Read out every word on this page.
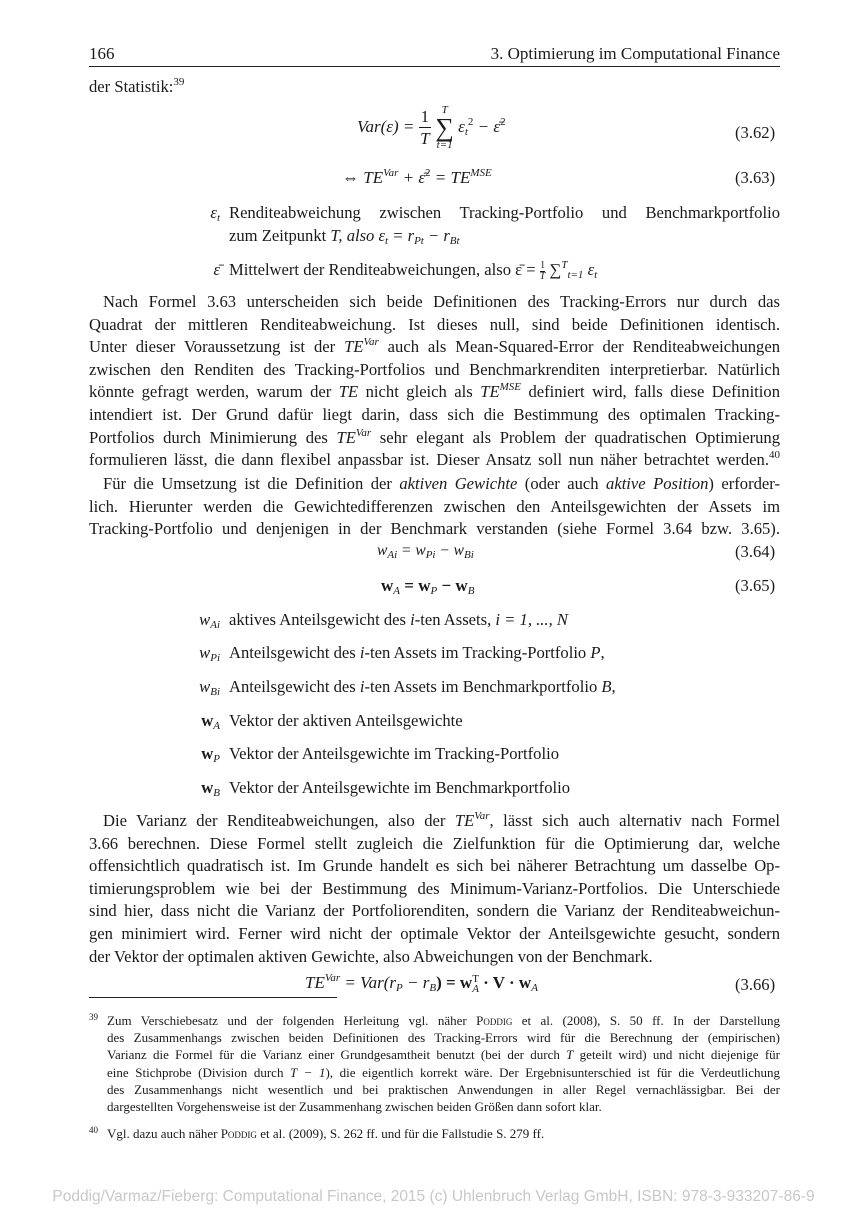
166	3. Optimierung im Computational Finance
der Statistik:$^{39}$
$Var(\varepsilon) = \frac{1}{T}$
T
∑
t=1
$\varepsilon_t^2$ − ε̄$^2$
(3.62)
⇔ $TE^{Var}$ + ε̄$^2$ = $TE^{MSE}$	(3.63)
$\varepsilon_t$ Renditeabweichung zwischen Tracking-Portfolio und Benchmarkportfolio
zum Zeitpunkt T, also $\varepsilon_t = r_{Pt} - r_{Bt}$
ε̄ Mittelwert der Renditeabweichungen, also ε̄ = $\frac{1}{T} \sum^T_{t=1}$ $\varepsilon_t$
Nach Formel 3.63 unterscheiden sich beide Definitionen des Tracking-Errors nur durch das
Quadrat der mittleren Renditeabweichung. Ist dieses null, sind beide Definitionen identisch.
Unter dieser Voraussetzung ist der $TE^{Var}$ auch als Mean-Squared-Error der Renditeabweichungen
zwischen den Renditen des Tracking-Portfolios und Benchmarkrenditen interpretierbar. Natürlich
könnte gefragt werden, warum der TE nicht gleich als $TE^{MSE}$ definiert wird, falls diese Definition
intendiert ist. Der Grund dafür liegt darin, dass sich die Bestimmung des optimalen Tracking-
Portfolios durch Minimierung des $TE^{Var}$ sehr elegant als Problem der quadratischen Optimierung
formulieren lässt, die dann flexibel anpassbar ist. Dieser Ansatz soll nun näher betrachtet werden.$^{40}$
Für die Umsetzung ist die Definition der aktiven Gewichte (oder auch aktive Position) erforder-
lich. Hierunter werden die Gewichtedifferenzen zwischen den Anteilsgewichten der Assets im
Tracking-Portfolio und denjenigen in der Benchmark verstanden (siehe Formel 3.64 bzw. 3.65).
$w_{Ai} = w_{Pi} - w_{Bi}$	(3.64)
$w_A = w_P - w_B$	(3.65)
$w_{Ai}$ aktives Anteilsgewicht des i-ten Assets, i = 1, ..., N
$w_{Pi}$ Anteilsgewicht des i-ten Assets im Tracking-Portfolio P,
$w_{Bi}$ Anteilsgewicht des i-ten Assets im Benchmarkportfolio B,
$w_A$ Vektor der aktiven Anteilsgewichte
$w_P$ Vektor der Anteilsgewichte im Tracking-Portfolio
$w_B$ Vektor der Anteilsgewichte im Benchmarkportfolio
Die Varianz der Renditeabweichungen, also der $TE^{Var}$, lässt sich auch alternativ nach Formel
3.66 berechnen. Diese Formel stellt zugleich die Zielfunktion für die Optimierung dar, welche
offensichtlich quadratisch ist. Im Grunde handelt es sich bei näherer Betrachtung um dasselbe Op-
timierungsproblem wie bei der Bestimmung des Minimum-Varianz-Portfolios. Die Unterschiede
sind hier, dass nicht die Varianz der Portfoliorenditen, sondern die Varianz der Renditeabweichun-
gen minimiert wird. Ferner wird nicht der optimale Vektor der Anteilsgewichte gesucht, sondern
der Vektor der optimalen aktiven Gewichte, also Abweichungen von der Benchmark.
$TE^{Var} = Var(r_P - r_B) = w$ T
$A \cdot V \cdot w_A$	(3.66)
39 Zum Verschiebesatz und der folgenden Herleitung vgl. näher Poddig et al. (2008), S. 50 ff. In der Darstellung
des Zusammenhangs zwischen beiden Definitionen des Tracking-Errors wird für die Berechnung der (empirischen)
Varianz die Formel für die Varianz einer Grundgesamtheit benutzt (bei der durch T geteilt wird) und nicht diejenige für
eine Stichprobe (Division durch T − 1), die eigentlich korrekt wäre. Der Ergebnisunterschied ist für die Verdeutlichung
des Zusammenhangs nicht wesentlich und bei praktischen Anwendungen in aller Regel vernachlässigbar. Bei der
dargestellten Vorgehensweise ist der Zusammenhang zwischen beiden Größen dann sofort klar.
40 Vgl. dazu auch näher Poddig et al. (2009), S. 262 ff. und für die Fallstudie S. 279 ff.
Poddig/Varmaz/Fieberg: Computational Finance, 2015 (c) Uhlenbruch Verlag GmbH, ISBN: 978-3-933207-86-9
